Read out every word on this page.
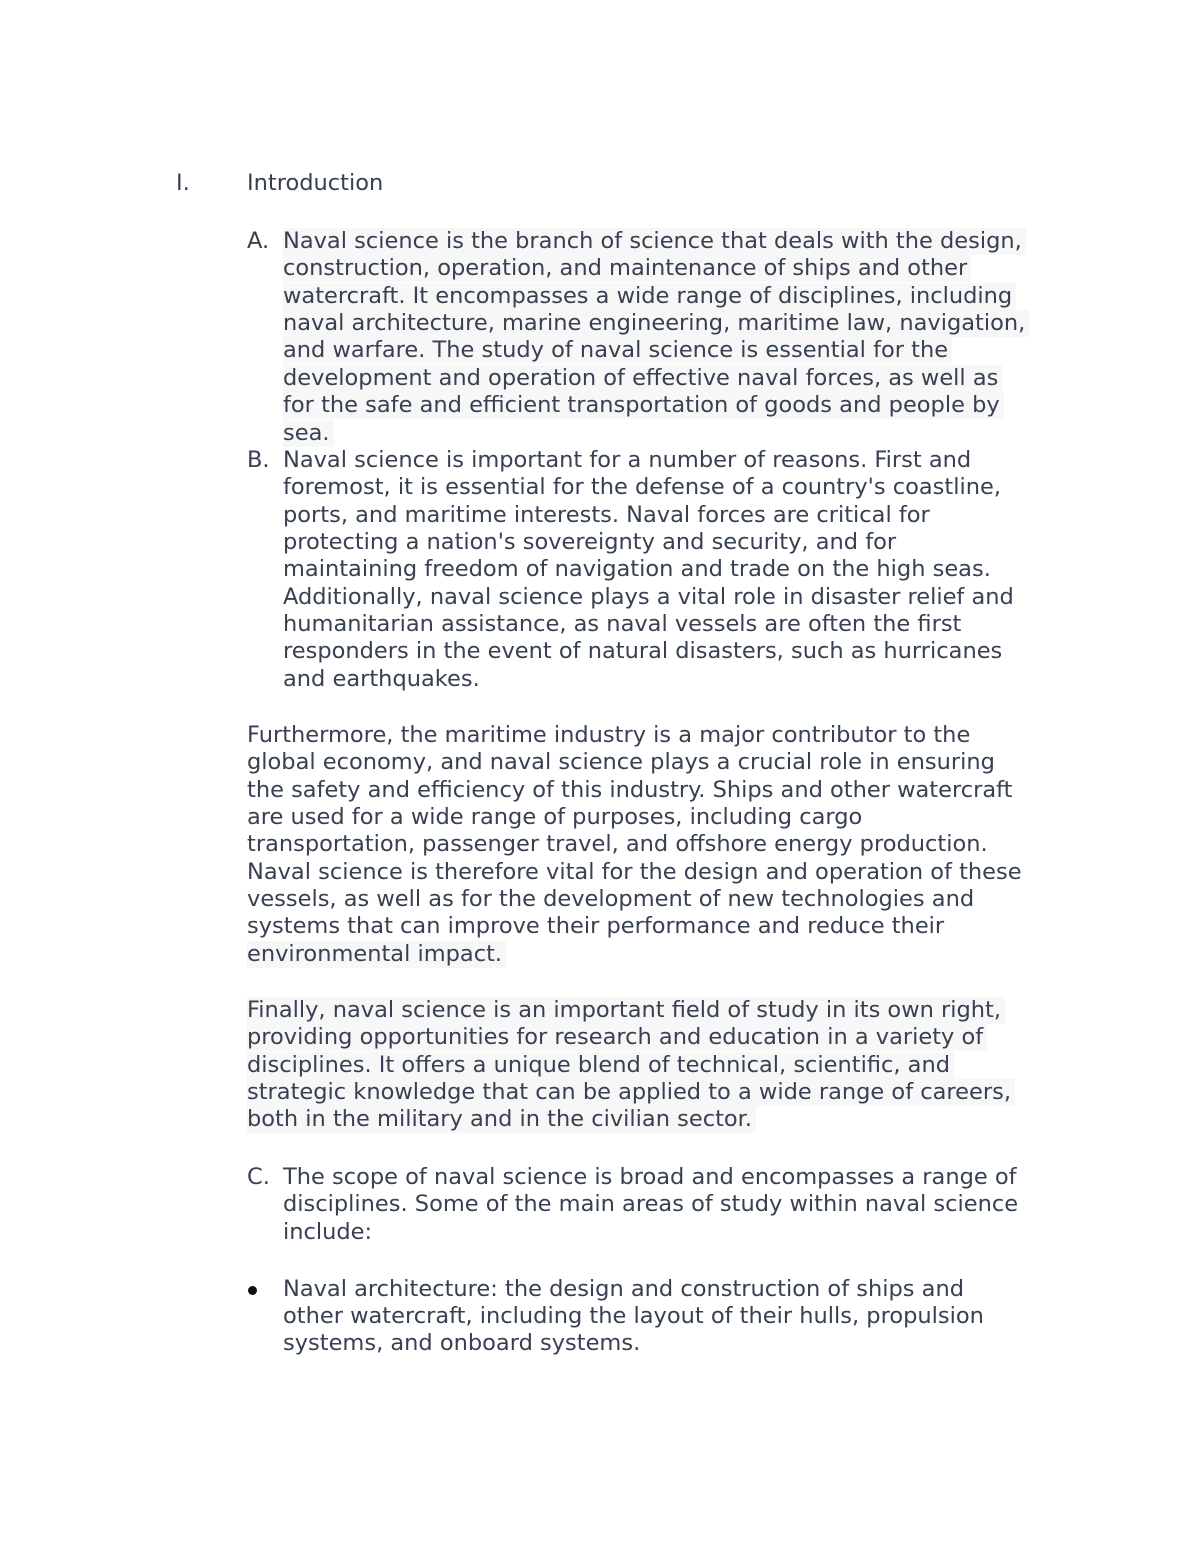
I.	Introduction
A. Naval science is the branch of science that deals with the design,
construction, operation, and maintenance of ships and other
watercraft. It encompasses a wide range of disciplines, including
naval architecture, marine engineering, maritime law, navigation,
and warfare. The study of naval science is essential for the
development and operation of effective naval forces, as well as
for the safe and efficient transportation of goods and people by
sea.
B. Naval science is important for a number of reasons. First and
foremost, it is essential for the defense of a country's coastline,
ports, and maritime interests. Naval forces are critical for
protecting a nation's sovereignty and security, and for
maintaining freedom of navigation and trade on the high seas.
Additionally, naval science plays a vital role in disaster relief and
humanitarian assistance, as naval vessels are often the first
responders in the event of natural disasters, such as hurricanes
and earthquakes.
Furthermore, the maritime industry is a major contributor to the
global economy, and naval science plays a crucial role in ensuring
the safety and efficiency of this industry. Ships and other watercraft
are used for a wide range of purposes, including cargo
transportation, passenger travel, and offshore energy production.
Naval science is therefore vital for the design and operation of these
vessels, as well as for the development of new technologies and
systems that can improve their performance and reduce their
environmental impact.
Finally, naval science is an important field of study in its own right,
providing opportunities for research and education in a variety of
disciplines. It offers a unique blend of technical, scientific, and
strategic knowledge that can be applied to a wide range of careers,
both in the military and in the civilian sector.
C. The scope of naval science is broad and encompasses a range of
disciplines. Some of the main areas of study within naval science
include:
Naval architecture: the design and construction of ships and
other watercraft, including the layout of their hulls, propulsion
systems, and onboard systems.
